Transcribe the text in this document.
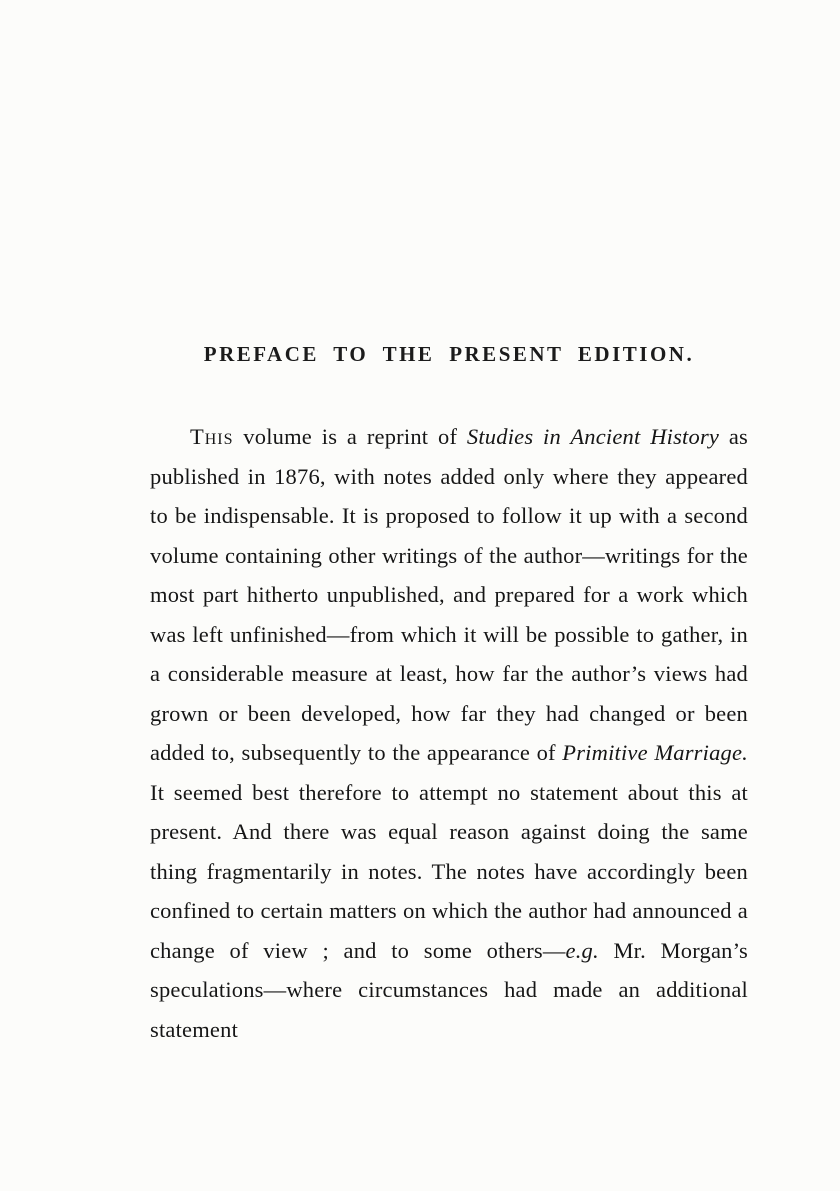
PREFACE TO THE PRESENT EDITION.

This volume is a reprint of Studies in Ancient History as published in 1876, with notes added only where they appeared to be indispensable. It is proposed to follow it up with a second volume containing other writings of the author—writings for the most part hitherto unpublished, and prepared for a work which was left unfinished—from which it will be possible to gather, in a considerable measure at least, how far the author’s views had grown or been developed, how far they had changed or been added to, subsequently to the appearance of Primitive Marriage. It seemed best therefore to attempt no statement about this at present. And there was equal reason against doing the same thing fragmentarily in notes. The notes have accordingly been confined to certain matters on which the author had announced a change of view ; and to some others—e.g. Mr. Morgan’s speculations—where circumstances had made an additional statement
